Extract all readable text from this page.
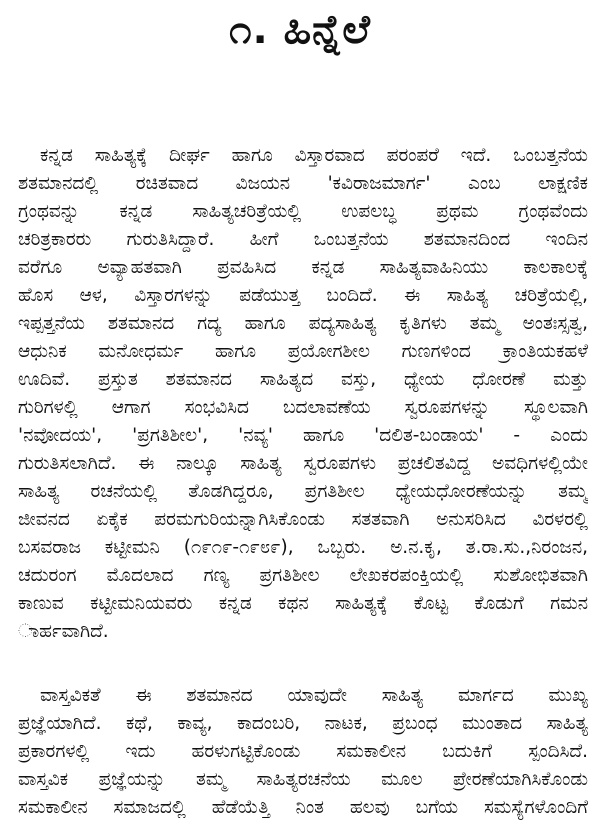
೧. ಹಿನ್ನೆಲೆ
ಕನ್ನಡ ಸಾಹಿತ್ಯಕ್ಕೆ ದೀರ್ಘ ಹಾಗೂ ವಿಸ್ತಾರವಾದ ಪರಂಪರೆ ಇದೆ. ಒಂಬತ್ತನೆಯ
ಶತಮಾನದಲ್ಲಿ ರಚಿತವಾದ ವಿಜಯನ 'ಕವಿರಾಜಮಾರ್ಗ' ಎಂಬ ಲಾಕ್ಷಣಿಕ
ಗ್ರಂಥವನ್ನು ಕನ್ನಡ ಸಾಹಿತ್ಯಚರಿತ್ರೆಯಲ್ಲಿ ಉಪಲಬ್ಧ ಪ್ರಥಮ ಗ್ರಂಥವೆಂದು
ಚರಿತ್ರಕಾರರು ಗುರುತಿಸಿದ್ದಾರೆ. ಹೀಗೆ ಒಂಬತ್ತನೆಯ ಶತಮಾನದಿಂದ ಇಂದಿನ
ವರೆಗೂ ಅವ್ಯಾಹತವಾಗಿ ಪ್ರವಹಿಸಿದ ಕನ್ನಡ ಸಾಹಿತ್ಯವಾಹಿನಿಯು ಕಾಲಕಾಲಕ್ಕೆ
ಹೊಸ ಆಳ, ವಿಸ್ತಾರಗಳನ್ನು ಪಡೆಯುತ್ತ ಬಂದಿದೆ. ಈ ಸಾಹಿತ್ಯ ಚರಿತ್ರೆಯಲ್ಲಿ,
ಇಪ್ಪತ್ತನೆಯ ಶತಮಾನದ ಗದ್ಯ ಹಾಗೂ ಪದ್ಯಸಾಹಿತ್ಯ ಕೃತಿಗಳು ತಮ್ಮ ಅಂತಃಸ್ಸತ್ವ,
ಆಧುನಿಕ ಮನೋಧರ್ಮ ಹಾಗೂ ಪ್ರಯೋಗಶೀಲ ಗುಣಗಳಿಂದ ಕ್ರಾಂತಿಯಕಹಳೆ
ಊದಿವೆ. ಪ್ರಸ್ತುತ ಶತಮಾನದ ಸಾಹಿತ್ಯದ ವಸ್ತು, ಧ್ಯೇಯ ಧೋರಣೆ ಮತ್ತು
ಗುರಿಗಳಲ್ಲಿ ಆಗಾಗ ಸಂಭವಿಸಿದ ಬದಲಾವಣೆಯ ಸ್ವರೂಪಗಳನ್ನು ಸ್ಥೂಲವಾಗಿ
'ನವೋದಯ', 'ಪ್ರಗತಿಶೀಲ', 'ನವ್ಯ' ಹಾಗೂ 'ದಲಿತ-ಬಂಡಾಯ' - ಎಂದು
ಗುರುತಿಸಲಾಗಿದೆ. ಈ ನಾಲ್ಕೂ ಸಾಹಿತ್ಯ ಸ್ವರೂಪಗಳು ಪ್ರಚಲಿತವಿದ್ದ ಅವಧಿಗಳಲ್ಲಿಯೇ
ಸಾಹಿತ್ಯ ರಚನೆಯಲ್ಲಿ ತೊಡಗಿದ್ದರೂ, ಪ್ರಗತಿಶೀಲ ಧ್ಯೇಯಧೋರಣೆಯನ್ನು ತಮ್ಮ
ಜೀವನದ ಏಕೈಕ ಪರಮಗುರಿಯನ್ನಾಗಿಸಿಕೊಂಡು ಸತತವಾಗಿ ಅನುಸರಿಸಿದ ವಿರಳರಲ್ಲಿ
ಬಸವರಾಜ ಕಟ್ಟೀಮನಿ (೧೯೧೯-೧೯೮೯), ಒಬ್ಬರು. ಅ.ನ.ಕೃ, ತ.ರಾ.ಸು.,ನಿರಂಜನ,
ಚದುರಂಗ ಮೊದಲಾದ ಗಣ್ಯ ಪ್ರಗತಿಶೀಲ ಲೇಖಕರಪಂಕ್ತಿಯಲ್ಲಿ ಸುಶೋಭಿತವಾಗಿ
ಕಾಣುವ ಕಟ್ಟೀಮನಿಯವರು ಕನ್ನಡ ಕಥನ ಸಾಹಿತ್ಯಕ್ಕೆ ಕೊಟ್ಟ ಕೊಡುಗೆ ಗಮನ
ಾರ್ಹವಾಗಿದೆ.
ವಾಸ್ತವಿಕತೆ ಈ ಶತಮಾನದ ಯಾವುದೇ ಸಾಹಿತ್ಯ ಮಾರ್ಗದ ಮುಖ್ಯ
ಪ್ರಜ್ಞೆಯಾಗಿದೆ. ಕಥೆ, ಕಾವ್ಯ, ಕಾದಂಬರಿ, ನಾಟಕ, ಪ್ರಬಂಧ ಮುಂತಾದ ಸಾಹಿತ್ಯ
ಪ್ರಕಾರಗಳಲ್ಲಿ ಇದು ಹರಳುಗಟ್ಟಿಕೊಂಡು ಸಮಕಾಲೀನ ಬದುಕಿಗೆ ಸ್ಪಂದಿಸಿದೆ.
ವಾಸ್ತವಿಕ ಪ್ರಜ್ಞೆಯನ್ನು ತಮ್ಮ ಸಾಹಿತ್ಯರಚನೆಯ ಮೂಲ ಪ್ರೇರಣೆಯಾಗಿಸಿಕೊಂಡು
ಸಮಕಾಲೀನ ಸಮಾಜದಲ್ಲಿ ಹೆಡೆಯೆತ್ತಿ ನಿಂತ ಹಲವು ಬಗೆಯ ಸಮಸ್ಯೆಗಳೊಂದಿಗೆ
